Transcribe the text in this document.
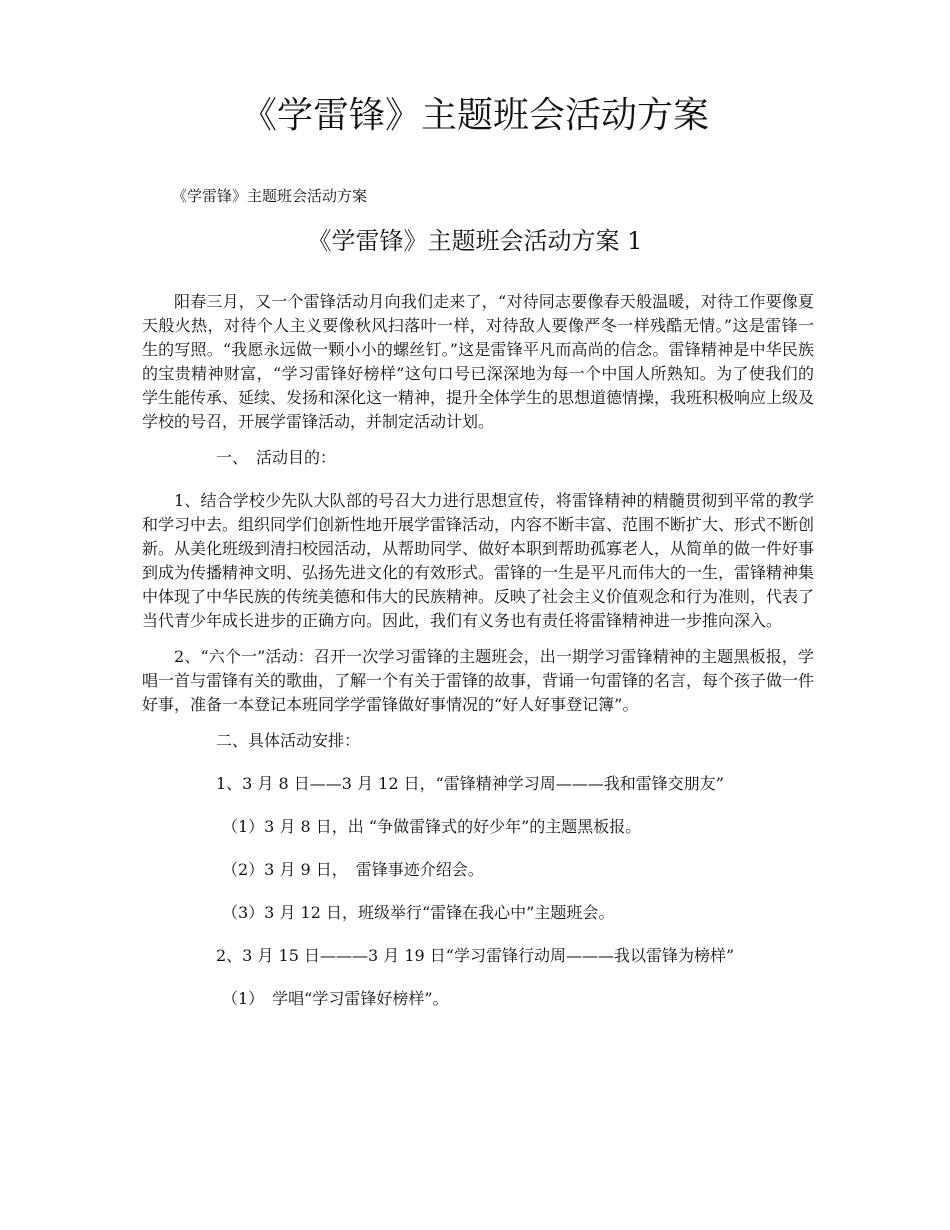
《学雷锋》主题班会活动方案
《学雷锋》主题班会活动方案
《学雷锋》主题班会活动方案 1

阳春三月，又一个雷锋活动月向我们走来了，“对待同志要像春天般温暖，对待工作要像夏天般火热，对待个人主义要像秋风扫落叶一样，对待敌人要像严冬一样残酷无情。”这是雷锋一生的写照。“我愿永远做一颗小小的螺丝钉。”这是雷锋平凡而高尚的信念。雷锋精神是中华民族的宝贵精神财富，“学习雷锋好榜样”这句口号已深深地为每一个中国人所熟知。为了使我们的学生能传承、延续、发扬和深化这一精神，提升全体学生的思想道德情操，我班积极响应上级及学校的号召，开展学雷锋活动，并制定活动计划。

一、　活动目的：

1、结合学校少先队大队部的号召大力进行思想宣传，将雷锋精神的精髓贯彻到平常的教学和学习中去。组织同学们创新性地开展学雷锋活动，内容不断丰富、范围不断扩大、形式不断创新。从美化班级到清扫校园活动，从帮助同学、做好本职到帮助孤寡老人，从简单的做一件好事到成为传播精神文明、弘扬先进文化的有效形式。雷锋的一生是平凡而伟大的一生，雷锋精神集中体现了中华民族的传统美德和伟大的民族精神。反映了社会主义价值观念和行为准则，代表了当代青少年成长进步的正确方向。因此，我们有义务也有责任将雷锋精神进一步推向深入。

2、“六个一”活动：召开一次学习雷锋的主题班会，出一期学习雷锋精神的主题黑板报，学唱一首与雷锋有关的歌曲，了解一个有关于雷锋的故事，背诵一句雷锋的名言，每个孩子做一件好事，准备一本登记本班同学学雷锋做好事情况的“好人好事登记簿”。

二、具体活动安排：

1、3 月 8 日——3 月 12 日，“雷锋精神学习周———我和雷锋交朋友”

（1）3 月 8 日，出 “争做雷锋式的好少年”的主题黑板报。

（2）3 月 9 日，　雷锋事迹介绍会。

（3）3 月 12 日，班级举行“雷锋在我心中”主题班会。

2、3 月 15 日———3 月 19 日“学习雷锋行动周———我以雷锋为榜样”

（1）　学唱“学习雷锋好榜样”。
